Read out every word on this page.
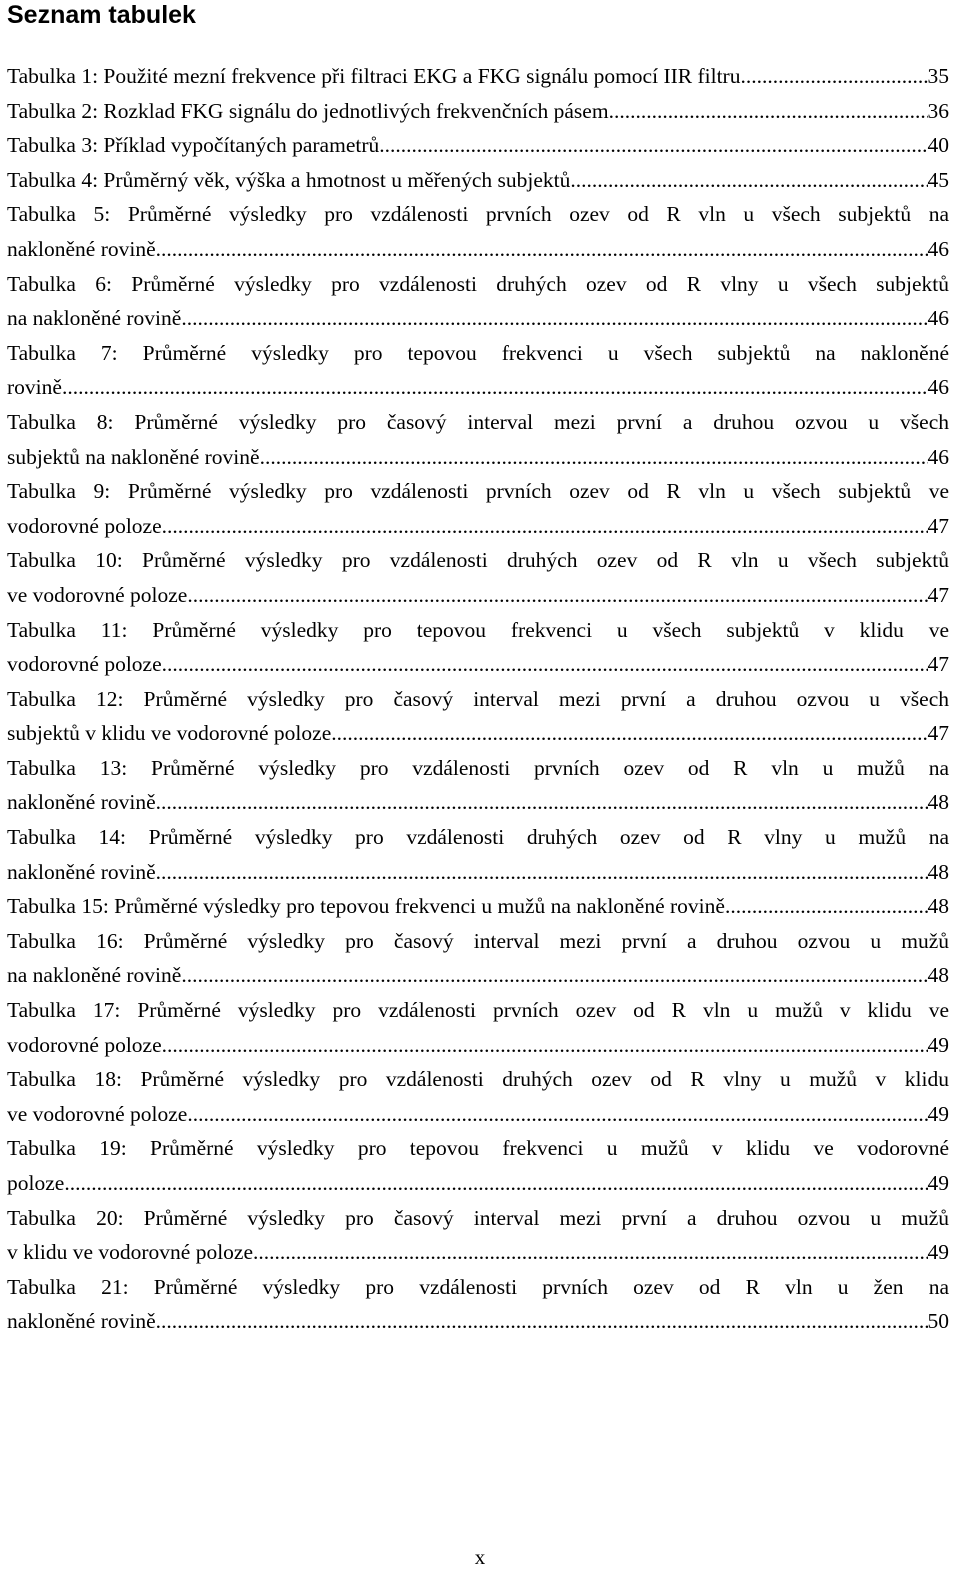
Seznam tabulek
Tabulka 1: Použité mezní frekvence při filtraci EKG a FKG signálu pomocí IIR filtru .....	35
Tabulka 2: Rozklad FKG signálu do jednotlivých frekvenčních pásem .....	36
Tabulka 3: Příklad vypočítaných parametrů .....	40
Tabulka 4: Průměrný věk, výška a hmotnost u měřených subjektů .....	45
Tabulka 5: Průměrné výsledky pro vzdálenosti prvních ozev od R vln u všech subjektů na
nakloněné rovině .....	46
Tabulka 6: Průměrné výsledky pro vzdálenosti druhých ozev od R vlny u všech subjektů
na nakloněné rovině .....	46
Tabulka 7: Průměrné výsledky pro tepovou frekvenci u všech subjektů na nakloněné
rovině .....	46
Tabulka 8: Průměrné výsledky pro časový interval mezi první a druhou ozvou u všech
subjektů na nakloněné rovině .....	46
Tabulka 9: Průměrné výsledky pro vzdálenosti prvních ozev od R vln u všech subjektů ve
vodorovné poloze .....	47
Tabulka 10: Průměrné výsledky pro vzdálenosti druhých ozev od R vln u všech subjektů
ve vodorovné poloze .....	47
Tabulka 11: Průměrné výsledky pro tepovou frekvenci u všech subjektů v klidu ve
vodorovné poloze .....	47
Tabulka 12: Průměrné výsledky pro časový interval mezi první a druhou ozvou u všech
subjektů v klidu ve vodorovné poloze .....	47
Tabulka 13: Průměrné výsledky pro vzdálenosti prvních ozev od R vln u mužů na
nakloněné rovině .....	48
Tabulka 14: Průměrné výsledky pro vzdálenosti druhých ozev od R vlny u mužů na
nakloněné rovině .....	48
Tabulka 15: Průměrné výsledky pro tepovou frekvenci u mužů na nakloněné rovině .....	48
Tabulka 16: Průměrné výsledky pro časový interval mezi první a druhou ozvou u mužů
na nakloněné rovině .....	48
Tabulka 17: Průměrné výsledky pro vzdálenosti prvních ozev od R vln u mužů v klidu ve
vodorovné poloze .....	49
Tabulka 18: Průměrné výsledky pro vzdálenosti druhých ozev od R vlny u mužů v klidu
ve vodorovné poloze .....	49
Tabulka 19: Průměrné výsledky pro tepovou frekvenci u mužů v klidu ve vodorovné
poloze .....	49
Tabulka 20: Průměrné výsledky pro časový interval mezi první a druhou ozvou u mužů
v klidu ve vodorovné poloze .....	49
Tabulka 21: Průměrné výsledky pro vzdálenosti prvních ozev od R vln u žen na
nakloněné rovině .....	50
x
